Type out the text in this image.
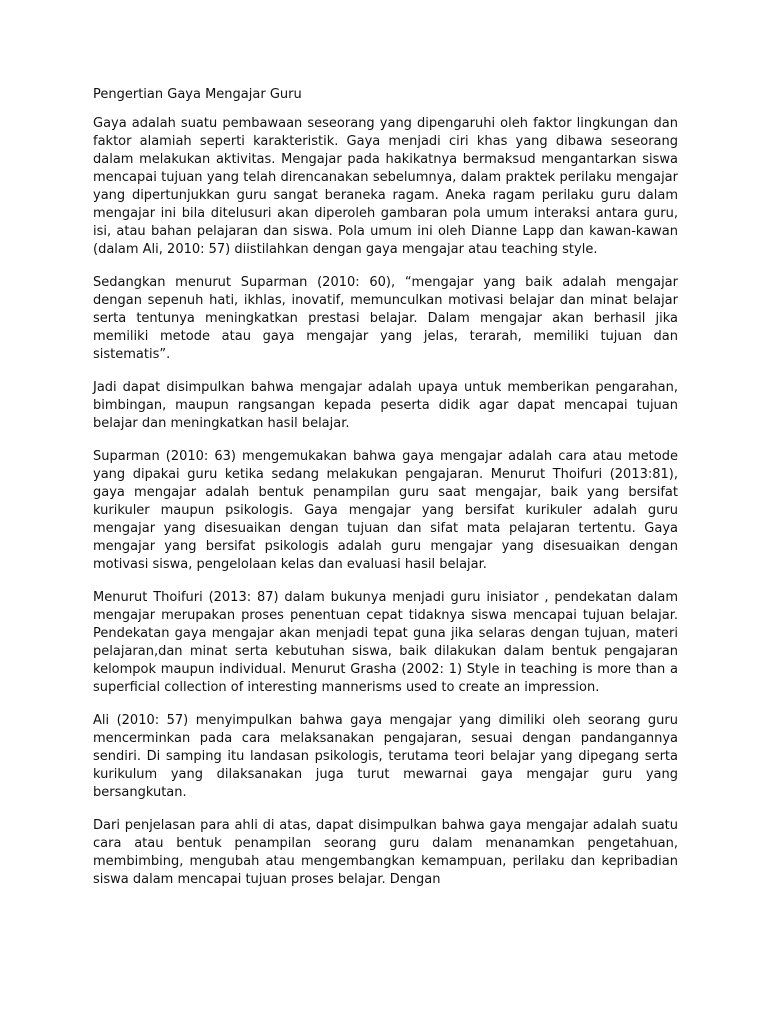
Pengertian Gaya Mengajar Guru

Gaya adalah suatu pembawaan seseorang yang dipengaruhi oleh faktor lingkungan dan faktor alamiah seperti karakteristik. Gaya menjadi ciri khas yang dibawa seseorang dalam melakukan aktivitas. Mengajar pada hakikatnya bermaksud mengantarkan siswa mencapai tujuan yang telah direncanakan sebelumnya, dalam praktek perilaku mengajar yang dipertunjukkan guru sangat beraneka ragam. Aneka ragam perilaku guru dalam mengajar ini bila ditelusuri akan diperoleh gambaran pola umum interaksi antara guru, isi, atau bahan pelajaran dan siswa. Pola umum ini oleh Dianne Lapp dan kawan-kawan (dalam Ali, 2010: 57) diistilahkan dengan gaya mengajar atau teaching style.

Sedangkan menurut Suparman (2010: 60), “mengajar yang baik adalah mengajar dengan sepenuh hati, ikhlas, inovatif, memunculkan motivasi belajar dan minat belajar serta tentunya meningkatkan prestasi belajar. Dalam mengajar akan berhasil jika memiliki metode atau gaya mengajar yang jelas, terarah, memiliki tujuan dan sistematis”.

Jadi dapat disimpulkan bahwa mengajar adalah upaya untuk memberikan pengarahan, bimbingan, maupun rangsangan kepada peserta didik agar dapat mencapai tujuan belajar dan meningkatkan hasil belajar.

Suparman (2010: 63) mengemukakan bahwa gaya mengajar adalah cara atau metode yang dipakai guru ketika sedang melakukan pengajaran. Menurut Thoifuri (2013:81), gaya mengajar adalah bentuk penampilan guru saat mengajar, baik yang bersifat kurikuler maupun psikologis. Gaya mengajar yang bersifat kurikuler adalah guru mengajar yang disesuaikan dengan tujuan dan sifat mata pelajaran tertentu. Gaya mengajar yang bersifat psikologis adalah guru mengajar yang disesuaikan dengan motivasi siswa, pengelolaan kelas dan evaluasi hasil belajar.

Menurut Thoifuri (2013: 87) dalam bukunya menjadi guru inisiator , pendekatan dalam mengajar merupakan proses penentuan cepat tidaknya siswa mencapai tujuan belajar. Pendekatan gaya mengajar akan menjadi tepat guna jika selaras dengan tujuan, materi pelajaran,dan minat serta kebutuhan siswa, baik dilakukan dalam bentuk pengajaran kelompok maupun individual. Menurut Grasha (2002: 1) Style in teaching is more than a superficial collection of interesting mannerisms used to create an impression.

Ali (2010: 57) menyimpulkan bahwa gaya mengajar yang dimiliki oleh seorang guru mencerminkan pada cara melaksanakan pengajaran, sesuai dengan pandangannya sendiri. Di samping itu landasan psikologis, terutama teori belajar yang dipegang serta kurikulum yang dilaksanakan juga turut mewarnai gaya mengajar guru yang bersangkutan.

Dari penjelasan para ahli di atas, dapat disimpulkan bahwa gaya mengajar adalah suatu cara atau bentuk penampilan seorang guru dalam menanamkan pengetahuan, membimbing, mengubah atau mengembangkan kemampuan, perilaku dan kepribadian siswa dalam mencapai tujuan proses belajar. Dengan
